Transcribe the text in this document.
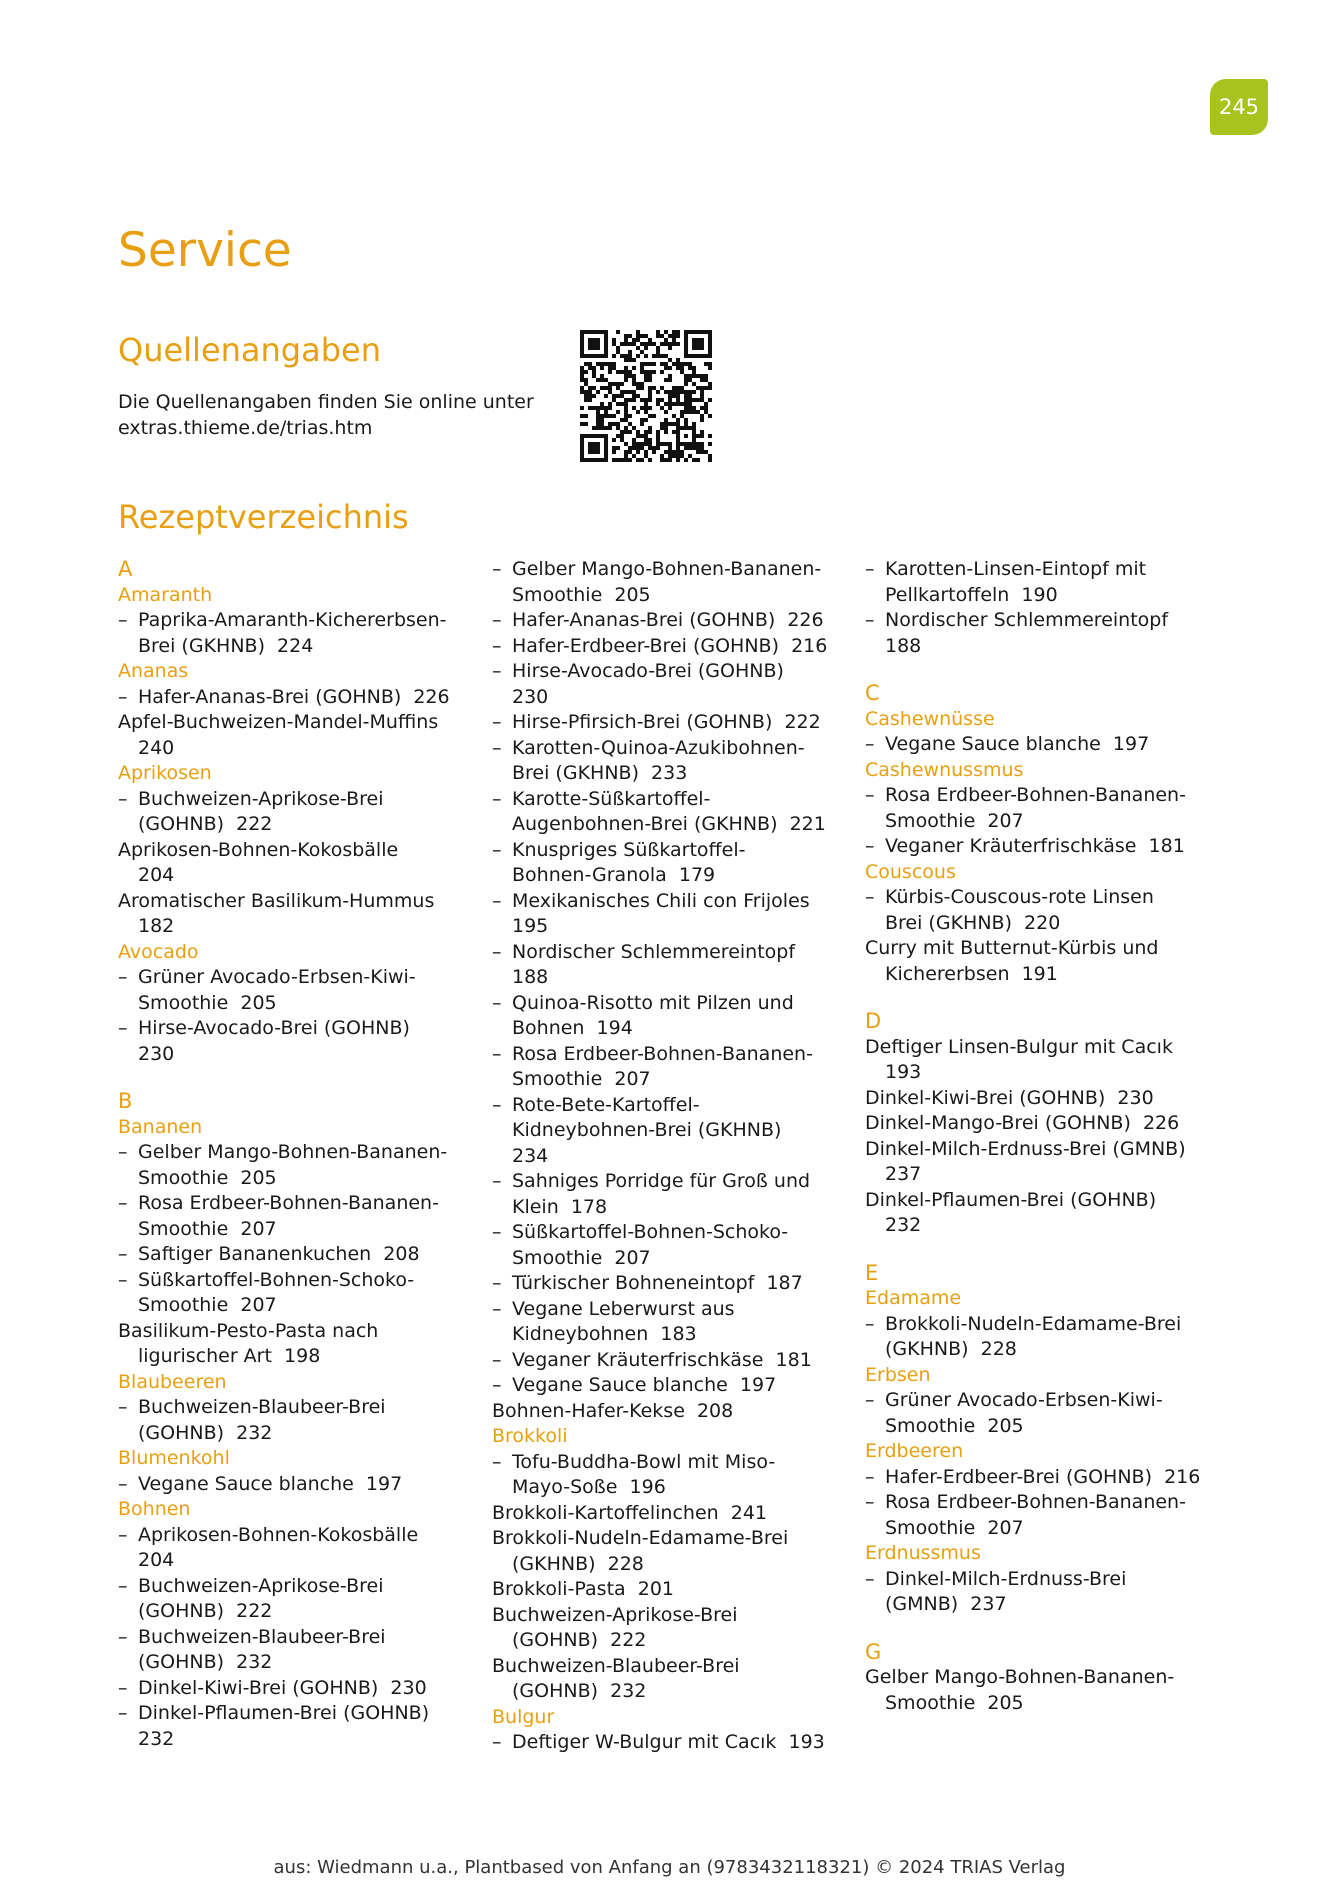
245
Service
Quellenangaben
Die Quellenangaben finden Sie online unter
extras.thieme.de/trias.htm
Rezeptverzeichnis
A
Amaranth
– Paprika-Amaranth-Kichererbsen-
Brei (GKHNB)  224
Ananas
– Hafer-Ananas-Brei (GOHNB)  226
Apfel-Buchweizen-Mandel-Muffins
240
Aprikosen
– Buchweizen-Aprikose-Brei
(GOHNB)  222
Aprikosen-Bohnen-Kokosbälle
204
Aromatischer Basilikum-Hummus
182
Avocado
– Grüner Avocado-Erbsen-Kiwi-
Smoothie  205
– Hirse-Avocado-Brei (GOHNB)
230
B
Bananen
– Gelber Mango-Bohnen-Bananen-
Smoothie  205
– Rosa Erdbeer-Bohnen-Bananen-
Smoothie  207
– Saftiger Bananenkuchen  208
– Süßkartoffel-Bohnen-Schoko-
Smoothie  207
Basilikum-Pesto-Pasta nach
ligurischer Art  198
Blaubeeren
– Buchweizen-Blaubeer-Brei
(GOHNB)  232
Blumenkohl
– Vegane Sauce blanche  197
Bohnen
– Aprikosen-Bohnen-Kokosbälle
204
– Buchweizen-Aprikose-Brei
(GOHNB)  222
– Buchweizen-Blaubeer-Brei
(GOHNB)  232
– Dinkel-Kiwi-Brei (GOHNB)  230
– Dinkel-Pflaumen-Brei (GOHNB)
232
– Gelber Mango-Bohnen-Bananen-
Smoothie  205
– Hafer-Ananas-Brei (GOHNB)  226
– Hafer-Erdbeer-Brei (GOHNB)  216
– Hirse-Avocado-Brei (GOHNB)
230
– Hirse-Pfirsich-Brei (GOHNB)  222
– Karotten-Quinoa-Azukibohnen-
Brei (GKHNB)  233
– Karotte-Süßkartoffel-
Augenbohnen-Brei (GKHNB)  221
– Knuspriges Süßkartoffel-
Bohnen-Granola  179
– Mexikanisches Chili con Frijoles
195
– Nordischer Schlemmereintopf
188
– Quinoa-Risotto mit Pilzen und
Bohnen  194
– Rosa Erdbeer-Bohnen-Bananen-
Smoothie  207
– Rote-Bete-Kartoffel-
Kidneybohnen-Brei (GKHNB)
234
– Sahniges Porridge für Groß und
Klein  178
– Süßkartoffel-Bohnen-Schoko-
Smoothie  207
– Türkischer Bohneneintopf  187
– Vegane Leberwurst aus
Kidneybohnen  183
– Veganer Kräuterfrischkäse  181
– Vegane Sauce blanche  197
Bohnen-Hafer-Kekse  208
Brokkoli
– Tofu-Buddha-Bowl mit Miso-
Mayo-Soße  196
Brokkoli-Kartoffelinchen  241
Brokkoli-Nudeln-Edamame-Brei
(GKHNB)  228
Brokkoli-Pasta  201
Buchweizen-Aprikose-Brei
(GOHNB)  222
Buchweizen-Blaubeer-Brei
(GOHNB)  232
Bulgur
– Deftiger W-Bulgur mit Cacık  193
– Karotten-Linsen-Eintopf mit
Pellkartoffeln  190
– Nordischer Schlemmereintopf
188
C
Cashewnüsse
– Vegane Sauce blanche  197
Cashewnussmus
– Rosa Erdbeer-Bohnen-Bananen-
Smoothie  207
– Veganer Kräuterfrischkäse  181
Couscous
– Kürbis-Couscous-rote Linsen
Brei (GKHNB)  220
Curry mit Butternut-Kürbis und
Kichererbsen  191
D
Deftiger Linsen-Bulgur mit Cacık
193
Dinkel-Kiwi-Brei (GOHNB)  230
Dinkel-Mango-Brei (GOHNB)  226
Dinkel-Milch-Erdnuss-Brei (GMNB)
237
Dinkel-Pflaumen-Brei (GOHNB)
232
E
Edamame
– Brokkoli-Nudeln-Edamame-Brei
(GKHNB)  228
Erbsen
– Grüner Avocado-Erbsen-Kiwi-
Smoothie  205
Erdbeeren
– Hafer-Erdbeer-Brei (GOHNB)  216
– Rosa Erdbeer-Bohnen-Bananen-
Smoothie  207
Erdnussmus
– Dinkel-Milch-Erdnuss-Brei
(GMNB)  237
G
Gelber Mango-Bohnen-Bananen-
Smoothie  205
aus: Wiedmann u.a., Plantbased von Anfang an (9783432118321) © 2024 TRIAS Verlag
